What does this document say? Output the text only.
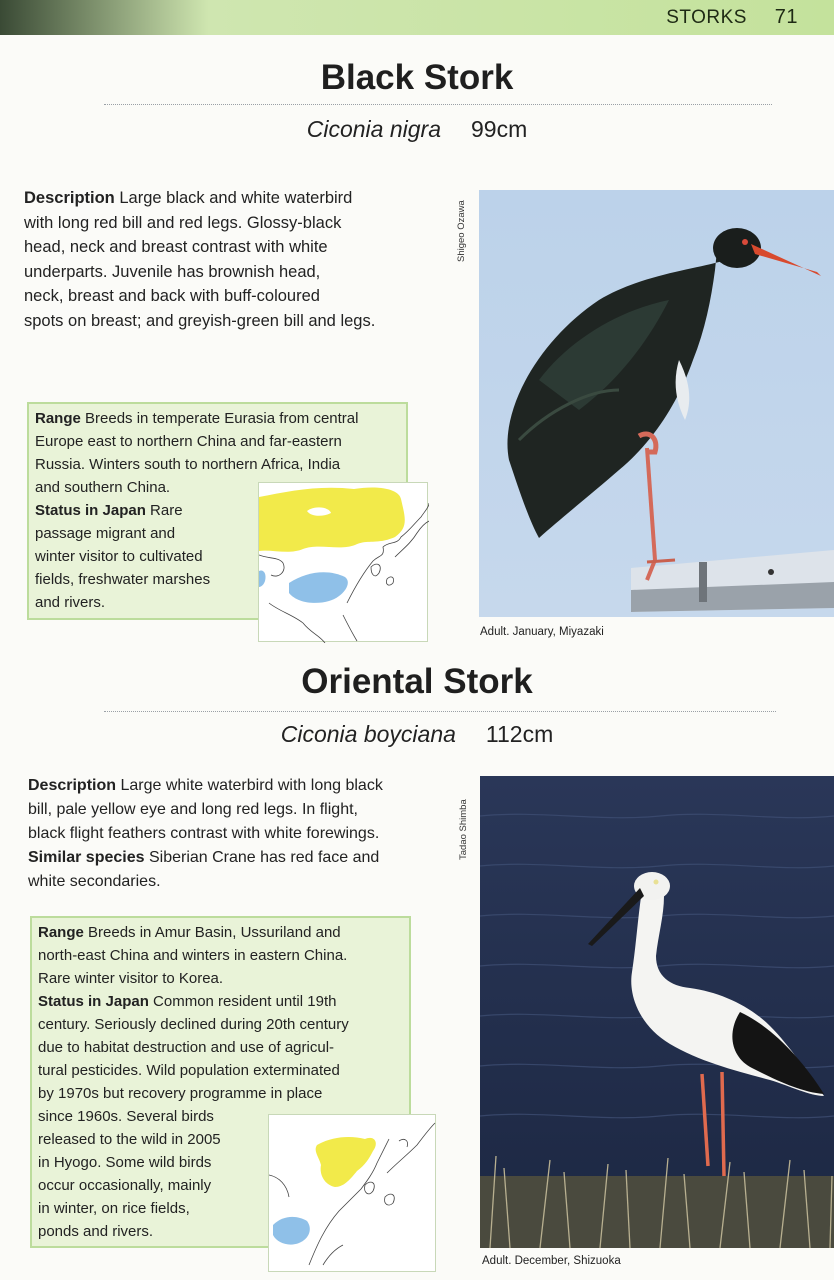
STORKS 71
Black Stork
Ciconia nigra 99cm
Description Large black and white waterbird
with long red bill and red legs. Glossy-black
head, neck and breast contrast with white
underparts. Juvenile has brownish head,
neck, breast and back with buff-coloured
spots on breast; and greyish-green bill and legs.
Range Breeds in temperate Eurasia from central
Europe east to northern China and far-eastern
Russia. Winters south to northern Africa, India
and southern China.
Status in Japan Rare
passage migrant and
winter visitor to cultivated
fields, freshwater marshes
and rivers.
Shigeo Ozawa
Adult. January, Miyazaki
Oriental Stork
Ciconia boyciana 112cm
Description Large white waterbird with long black
bill, pale yellow eye and long red legs. In flight,
black flight feathers contrast with white forewings.
Similar species Siberian Crane has red face and
white secondaries.
Range Breeds in Amur Basin, Ussuriland and
north-east China and winters in eastern China.
Rare winter visitor to Korea.
Status in Japan Common resident until 19th
century. Seriously declined during 20th century
due to habitat destruction and use of agricul-
tural pesticides. Wild population exterminated
by 1970s but recovery programme in place
since 1960s. Several birds
released to the wild in 2005
in Hyogo. Some wild birds
occur occasionally, mainly
in winter, on rice fields,
ponds and rivers.
Tadao Shimba
Adult. December, Shizuoka
